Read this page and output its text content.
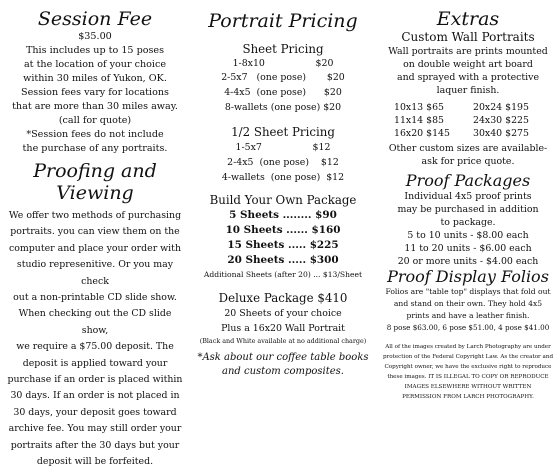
Session Fee
$35.00
This includes up to 15 poses
at the location of your choice
within 30 miles of Yukon, OK.
Session fees vary for locations
that are more than 30 miles away.
(call for quote)
*Session fees do not include
the purchase of any portraits.
Proofing and Viewing
We offer two methods of purchasing
portraits. you can view them on the
computer and place your order with
studio represenitive. Or you may check
out a non-printable CD slide show.
When checking out the CD slide show,
we require a $75.00 deposit. The
deposit is applied toward your
purchase if an order is placed within
30 days. If an order is not placed in
30 days, your deposit goes toward
archive fee. You may still order your
portraits after the 30 days but your
deposit will be forfeited.
Portrait Pricing
Sheet Pricing
1-8x10                 $20
2-5x7   (one pose)       $20
4-4x5  (one pose)      $20
8-wallets (one pose) $20
1/2 Sheet Pricing
1-5x7                 $12
2-4x5  (one pose)    $12
4-wallets  (one pose)  $12
Build Your Own Package
5 Sheets ........ $90
10 Sheets ...... $160
15 Sheets ..... $225
20 Sheets ..... $300
Additional Sheets (after 20) ... $13/Sheet
Deluxe Package $410
20 Sheets of your choice
Plus a 16x20 Wall Portrait
(Black and White available at no additional charge)
*Ask about our coffee table books
and custom composites.
Extras
Custom Wall Portraits
Wall portraits are prints mounted
on double weight art board
and sprayed with a protective
laquer finish.
10x13 $65	20x24 $195
11x14 $85	24x30 $225
16x20 $145	30x40 $275
Other custom sizes are available-
ask for price quote.
Proof Packages
Individual 4x5 proof prints
may be purchased in addition
to package.
5 to 10 units - $8.00 each
11 to 20 units - $6.00 each
20 or more units - $4.00 each
Proof Display Folios
Folios are "table top" displays that fold out
and stand on their own. They hold 4x5
prints and have a leather finish.
8 pose $63.00, 6 pose $51.00, 4 pose $41.00
All of the images created by Larch Photography are under
protection of the Federal Copyright Law. As the creator and
Copyright owner, we have the exclusive right to reproduce
these images. IT IS ILLEGAL TO COPY OR REPRODUCE
IMAGES ELSEWHERE WITHOUT WRITTEN
PERMISSION FROM LARCH PHOTOGRAPHY.
